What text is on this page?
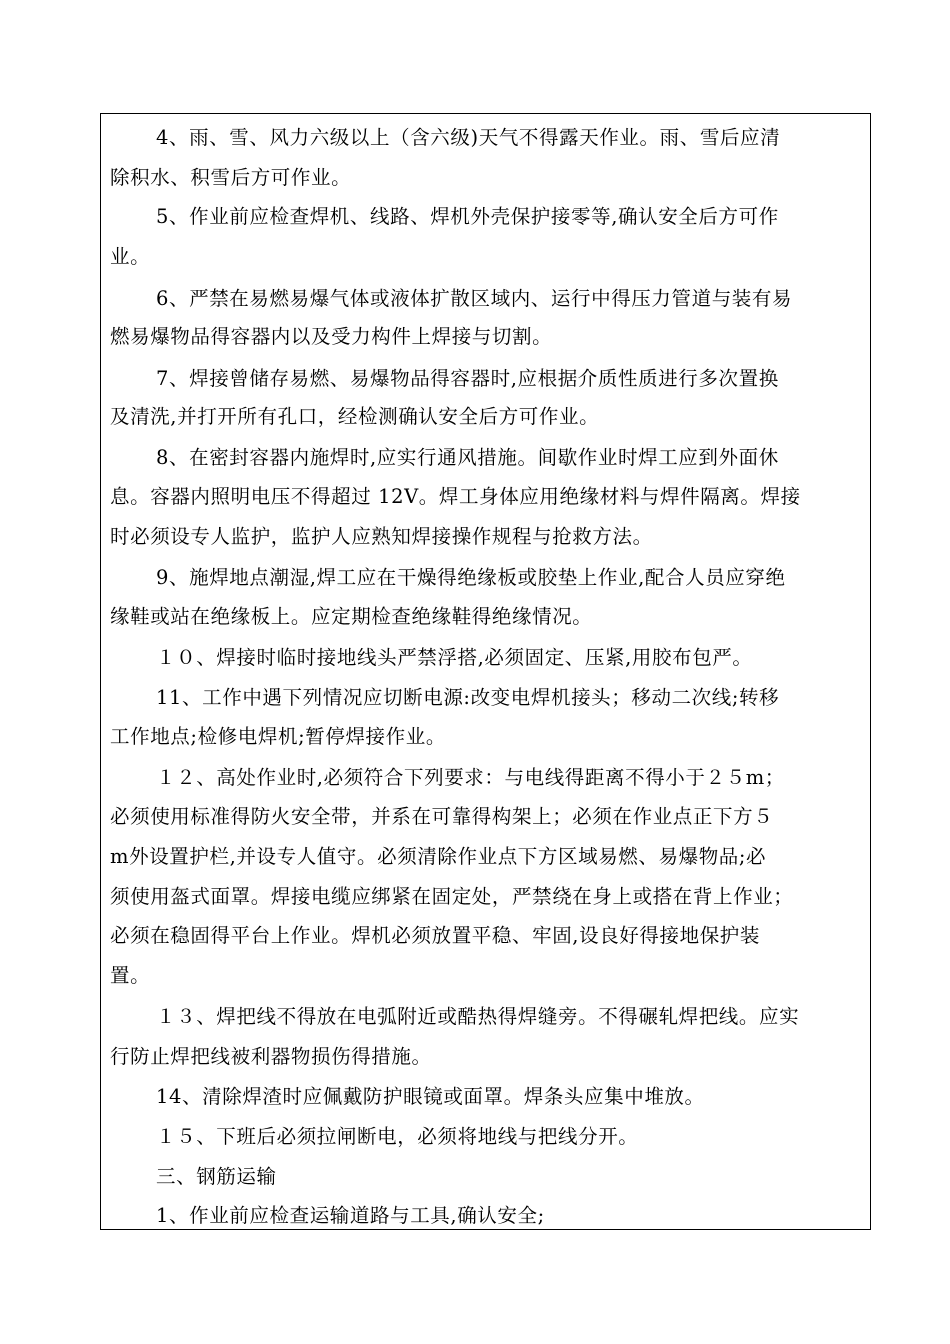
4、雨、雪、风力六级以上（含六级)天气不得露天作业。雨、雪后应清
除积水、积雪后方可作业。
5、作业前应检查焊机、线路、焊机外壳保护接零等,确认安全后方可作
业。
6、严禁在易燃易爆气体或液体扩散区域内、运行中得压力管道与装有易
燃易爆物品得容器内以及受力构件上焊接与切割。
7、焊接曾储存易燃、易爆物品得容器时,应根据介质性质进行多次置换
及清洗,并打开所有孔口，经检测确认安全后方可作业。
8、在密封容器内施焊时,应实行通风措施。间歇作业时焊工应到外面休
息。容器内照明电压不得超过 12V。焊工身体应用绝缘材料与焊件隔离。焊接
时必须设专人监护，监护人应熟知焊接操作规程与抢救方法。
9、施焊地点潮湿,焊工应在干燥得绝缘板或胶垫上作业,配合人员应穿绝
缘鞋或站在绝缘板上。应定期检查绝缘鞋得绝缘情况。
１０、焊接时临时接地线头严禁浮搭,必须固定、压紧,用胶布包严。
11、工作中遇下列情况应切断电源:改变电焊机接头；移动二次线;转移
工作地点;检修电焊机;暂停焊接作业。
１２、高处作业时,必须符合下列要求：与电线得距离不得小于２５m；
必须使用标准得防火安全带，并系在可靠得构架上；必须在作业点正下方５
m外设置护栏,并设专人值守。必须清除作业点下方区域易燃、易爆物品;必
须使用盔式面罩。焊接电缆应绑紧在固定处，严禁绕在身上或搭在背上作业；
必须在稳固得平台上作业。焊机必须放置平稳、牢固,设良好得接地保护装
置。
１３、焊把线不得放在电弧附近或酷热得焊缝旁。不得碾轧焊把线。应实
行防止焊把线被利器物损伤得措施。
14、清除焊渣时应佩戴防护眼镜或面罩。焊条头应集中堆放。
１５、下班后必须拉闸断电，必须将地线与把线分开。
三、钢筋运输
1、作业前应检查运输道路与工具,确认安全;
